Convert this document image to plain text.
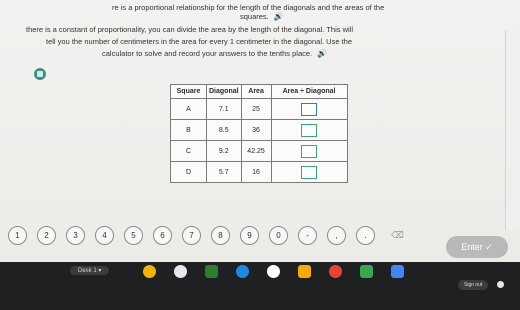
re is a proportional relationship for the length of the diagonals and the areas of the
squares. 🔊
there is a constant of proportionality, you can divide the area by the length of the diagonal. This will
tell you the number of centimeters in the area for every 1 centimeter in the diagonal. Use the
calculator to solve and record your answers to the tenths place. 🔊
Square	Diagonal	Area	Area ÷ Diagonal
A	7.1	25	
B	8.5	36	
C	9.2	42.25	
D	5.7	16	
1	2	3	4	5	6	7	8	9	0	-	,	.	⌫
Enter ✓
Desk 1 ▾
Sign out
